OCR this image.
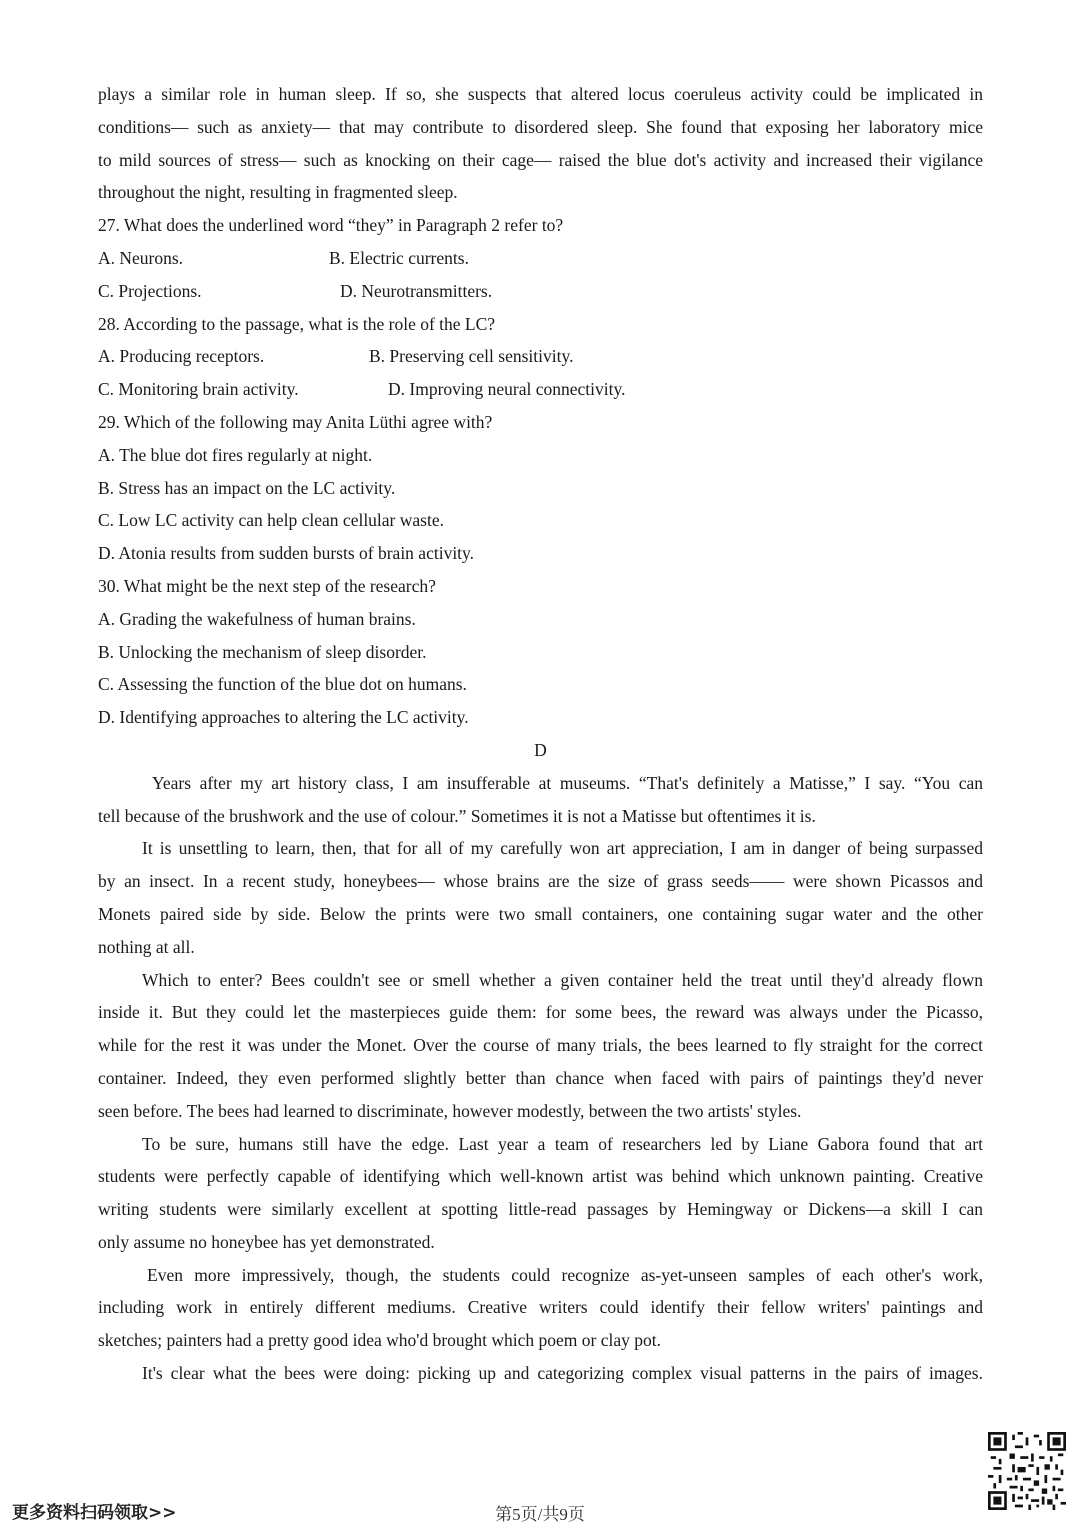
plays a similar role in human sleep. If so, she suspects that altered locus coeruleus activity could be implicated in
conditions— such as anxiety— that may contribute to disordered sleep. She found that exposing her laboratory mice
to mild sources of stress— such as knocking on their cage— raised the blue dot's activity and increased their vigilance
throughout the night, resulting in fragmented sleep.
27. What does the underlined word “they” in Paragraph 2 refer to?
A. Neurons.	B. Electric currents.
C. Projections.	D. Neurotransmitters.
28. According to the passage, what is the role of the LC?
A. Producing receptors.	B. Preserving cell sensitivity.
C. Monitoring brain activity.	D. Improving neural connectivity.
29. Which of the following may Anita Lüthi agree with?
A. The blue dot fires regularly at night.
B. Stress has an impact on the LC activity.
C. Low LC activity can help clean cellular waste.
D. Atonia results from sudden bursts of brain activity.
30. What might be the next step of the research?
A. Grading the wakefulness of human brains.
B. Unlocking the mechanism of sleep disorder.
C. Assessing the function of the blue dot on humans.
D. Identifying approaches to altering the LC activity.
D
Years after my art history class, I am insufferable at museums. “That's definitely a Matisse,” I say. “You can
tell because of the brushwork and the use of colour.” Sometimes it is not a Matisse but oftentimes it is.
It is unsettling to learn, then, that for all of my carefully won art appreciation, I am in danger of being surpassed
by an insect. In a recent study, honeybees— whose brains are the size of grass seeds—— were shown Picassos and
Monets paired side by side. Below the prints were two small containers, one containing sugar water and the other
nothing at all.
Which to enter? Bees couldn't see or smell whether a given container held the treat until they'd already flown
inside it. But they could let the masterpieces guide them: for some bees, the reward was always under the Picasso,
while for the rest it was under the Monet. Over the course of many trials, the bees learned to fly straight for the correct
container. Indeed, they even performed slightly better than chance when faced with pairs of paintings they'd never
seen before. The bees had learned to discriminate, however modestly, between the two artists' styles.
To be sure, humans still have the edge. Last year a team of researchers led by Liane Gabora found that art
students were perfectly capable of identifying which well-known artist was behind which unknown painting. Creative
writing students were similarly excellent at spotting little-read passages by Hemingway or Dickens—a skill I can
only assume no honeybee has yet demonstrated.
Even more impressively, though, the students could recognize as-yet-unseen samples of each other's work,
including work in entirely different mediums. Creative writers could identify their fellow writers' paintings and
sketches; painters had a pretty good idea who'd brought which poem or clay pot.
It's clear what the bees were doing: picking up and categorizing complex visual patterns in the pairs of images.
更多资料扫码领取>>	第5页/共9页
